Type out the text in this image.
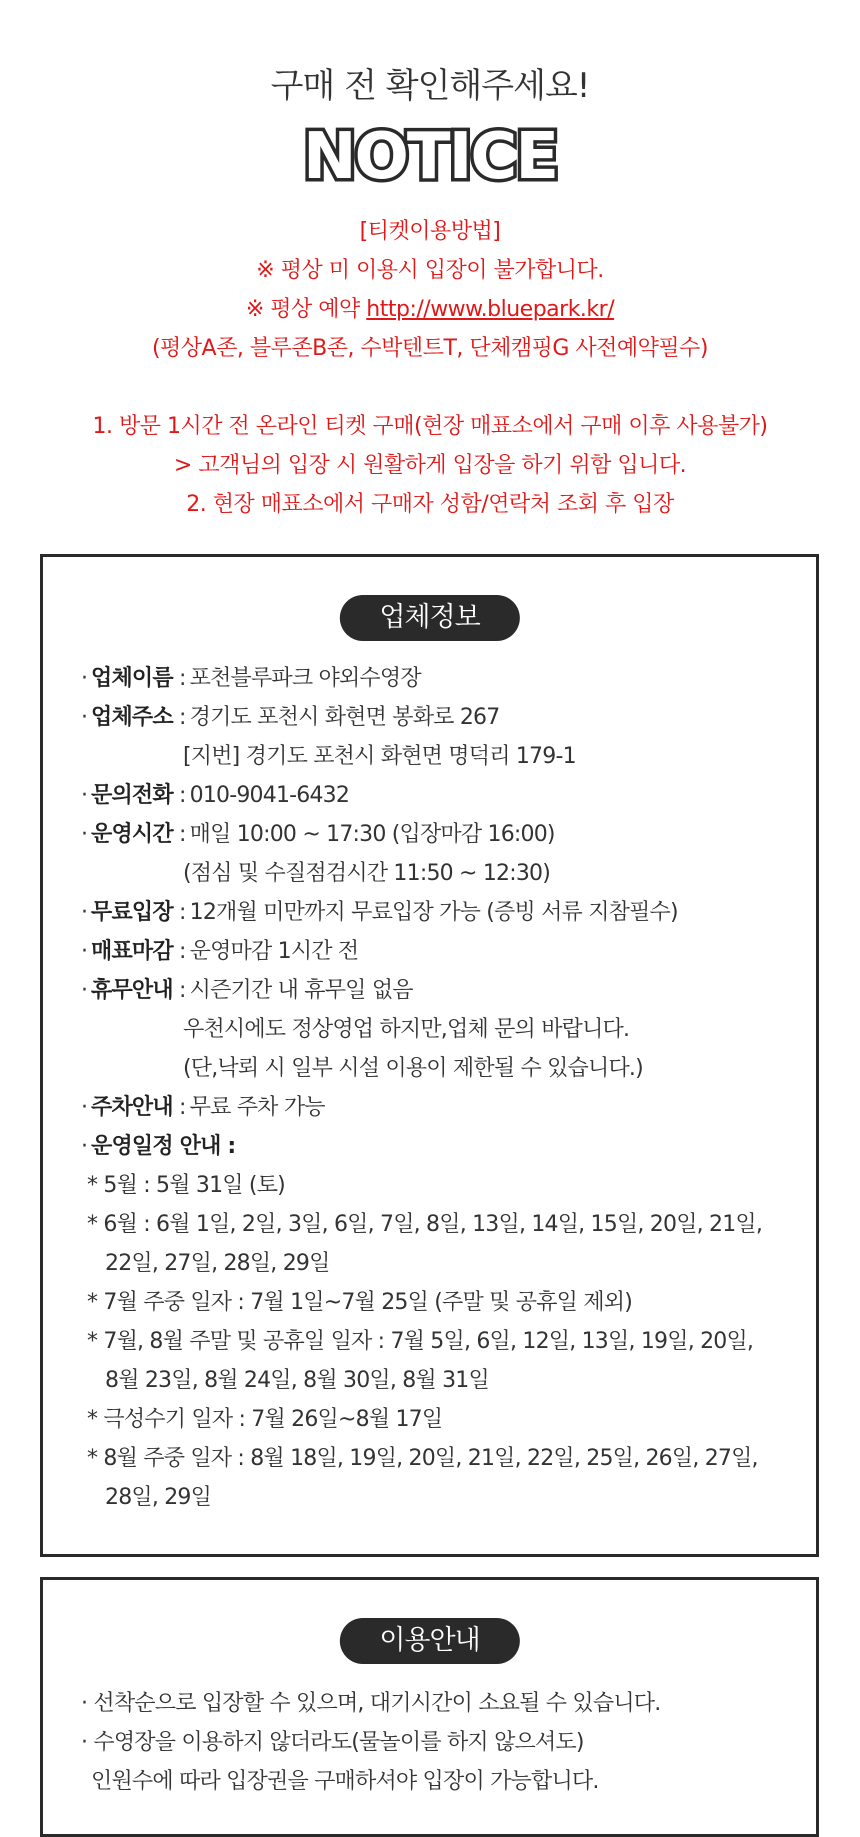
구매 전 확인해주세요!
NOTICE
[티켓이용방법]
※ 평상 미 이용시 입장이 불가합니다.
※ 평상 예약 http://www.bluepark.kr/
(평상A존, 블루존B존, 수박텐트T, 단체캠핑G 사전예약필수)
1. 방문 1시간 전 온라인 티켓 구매(현장 매표소에서 구매 이후 사용불가)
> 고객님의 입장 시 원활하게 입장을 하기 위함 입니다.
2. 현장 매표소에서 구매자 성함/연락처 조회 후 입장
업체정보
· 업체이름 : 포천블루파크 야외수영장
· 업체주소 : 경기도 포천시 화현면 봉화로 267
[지번] 경기도 포천시 화현면 명덕리 179-1
· 문의전화 : 010-9041-6432
· 운영시간 : 매일 10:00 ~ 17:30 (입장마감 16:00)
(점심 및 수질점검시간 11:50 ~ 12:30)
· 무료입장 : 12개월 미만까지 무료입장 가능 (증빙 서류 지참필수)
· 매표마감 : 운영마감 1시간 전
· 휴무안내 : 시즌기간 내 휴무일 없음
우천시에도 정상영업 하지만,업체 문의 바랍니다.
(단,낙뢰 시 일부 시설 이용이 제한될 수 있습니다.)
· 주차안내 : 무료 주차 가능
· 운영일정 안내 :
* 5월 : 5월 31일 (토)
* 6월 : 6월 1일, 2일, 3일, 6일, 7일, 8일, 13일, 14일, 15일, 20일, 21일,
22일, 27일, 28일, 29일
* 7월 주중 일자 : 7월 1일~7월 25일 (주말 및 공휴일 제외)
* 7월, 8월 주말 및 공휴일 일자 : 7월 5일, 6일, 12일, 13일, 19일, 20일,
8월 23일, 8월 24일, 8월 30일, 8월 31일
* 극성수기 일자 : 7월 26일~8월 17일
* 8월 주중 일자 : 8월 18일, 19일, 20일, 21일, 22일, 25일, 26일, 27일,
28일, 29일
이용안내
· 선착순으로 입장할 수 있으며, 대기시간이 소요될 수 있습니다.
· 수영장을 이용하지 않더라도(물놀이를 하지 않으셔도)
인원수에 따라 입장권을 구매하셔야 입장이 가능합니다.
